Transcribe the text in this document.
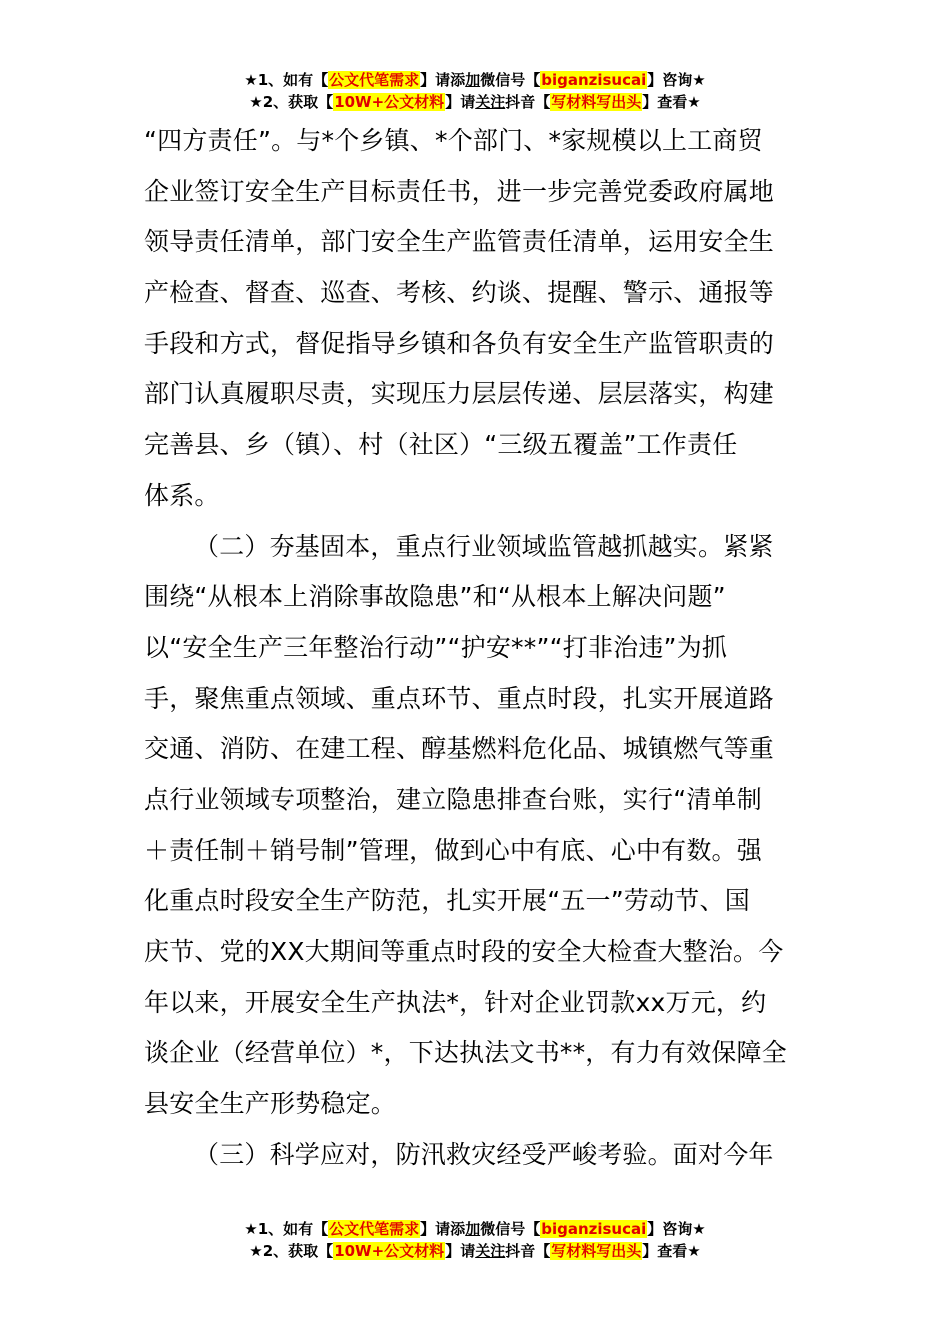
★1、如有【公文代笔需求】请添加微信号【biganzisucai】咨询★
★2、获取【10W+公文材料】请关注抖音【写材料写出头】查看★
“四方责任”。与*个乡镇、*个部门、*家规模以上工商贸
企业签订安全生产目标责任书，进一步完善党委政府属地
领导责任清单，部门安全生产监管责任清单，运用安全生
产检查、督查、巡查、考核、约谈、提醒、警示、通报等
手段和方式，督促指导乡镇和各负有安全生产监管职责的
部门认真履职尽责，实现压力层层传递、层层落实，构建
完善县、乡（镇）、村（社区）“三级五覆盖”工作责任
体系。
（二）夯基固本，重点行业领域监管越抓越实。紧紧
围绕“从根本上消除事故隐患”和“从根本上解决问题”
以“安全生产三年整治行动”“护安**”“打非治违”为抓
手，聚焦重点领域、重点环节、重点时段，扎实开展道路
交通、消防、在建工程、醇基燃料危化品、城镇燃气等重
点行业领域专项整治，建立隐患排查台账，实行“清单制
＋责任制＋销号制”管理，做到心中有底、心中有数。强
化重点时段安全生产防范，扎实开展“五一”劳动节、国
庆节、党的XX大期间等重点时段的安全大检查大整治。今
年以来，开展安全生产执法*，针对企业罚款xx万元，约
谈企业（经营单位）*，下达执法文书**，有力有效保障全
县安全生产形势稳定。
（三）科学应对，防汛救灾经受严峻考验。面对今年
★1、如有【公文代笔需求】请添加微信号【biganzisucai】咨询★
★2、获取【10W+公文材料】请关注抖音【写材料写出头】查看★
